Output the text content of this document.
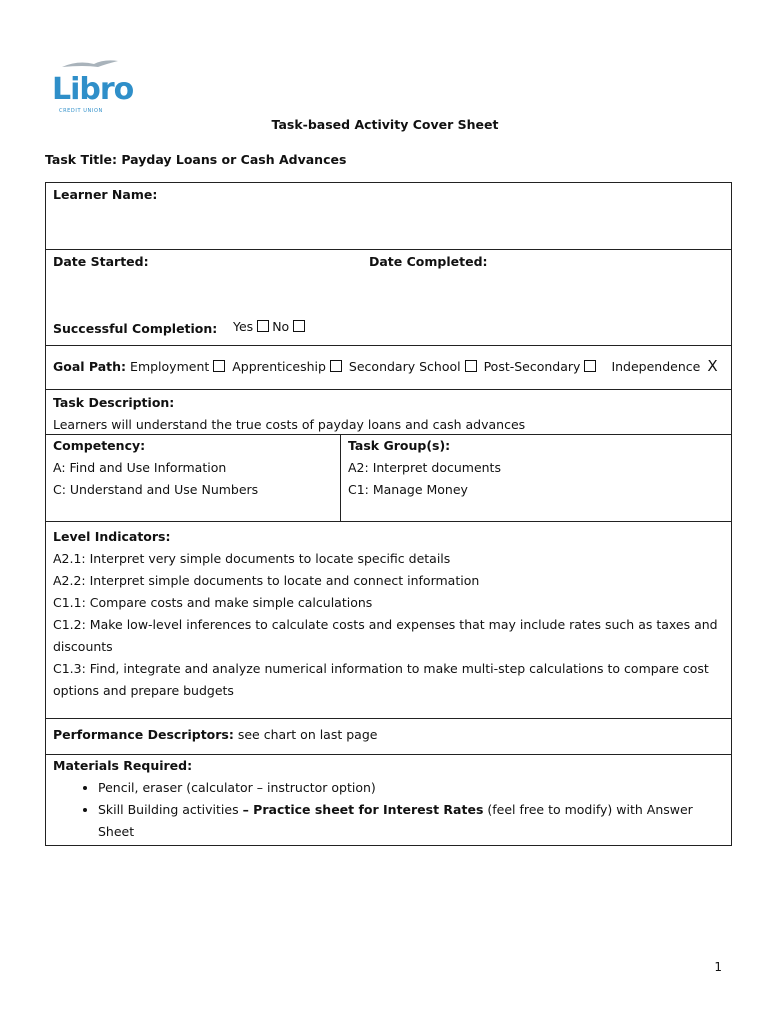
Libro
CREDIT UNION
Task-based Activity Cover Sheet
Task Title: Payday Loans or Cash Advances
Learner Name:
Date Started:	Date Completed:
Successful Completion: Yes No
Goal Path: Employment Apprenticeship Secondary School Post-Secondary Independence X
Task Description:
Learners will understand the true costs of payday loans and cash advances
Competency:
A: Find and Use Information
C: Understand and Use Numbers
Task Group(s):
A2: Interpret documents
C1: Manage Money
Level Indicators:
A2.1: Interpret very simple documents to locate specific details
A2.2: Interpret simple documents to locate and connect information
C1.1: Compare costs and make simple calculations
C1.2: Make low-level inferences to calculate costs and expenses that may include rates such as taxes and discounts
C1.3: Find, integrate and analyze numerical information to make multi-step calculations to compare cost options and prepare budgets
Performance Descriptors: see chart on last page
Materials Required:
• Pencil, eraser (calculator – instructor option)
• Skill Building activities – Practice sheet for Interest Rates (feel free to modify) with Answer Sheet
1
